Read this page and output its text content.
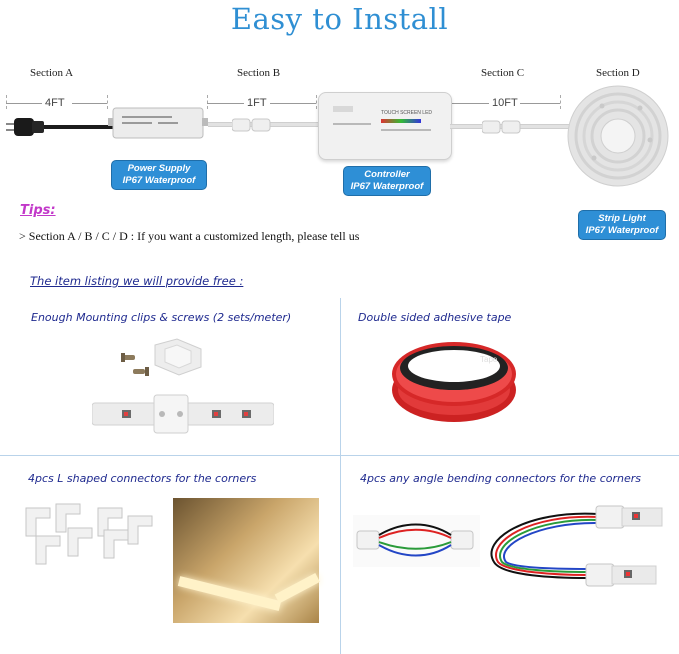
Easy to Install
Section A	Section B	Section C	Section D
4FT	1FT	10FT
TOUCH SCREEN LED
Power Supply
IP67 Waterproof
Controller
IP67 Waterproof
Strip Light
IP67 Waterproof
Tips:
> Section A / B / C / D : If you want a customized length, please tell us
The item listing we will provide free :
Enough Mounting clips & screws (2 sets/meter)	Double sided adhesive tape
Tape
4pcs L shaped connectors for the corners	4pcs any angle bending connectors for the corners
